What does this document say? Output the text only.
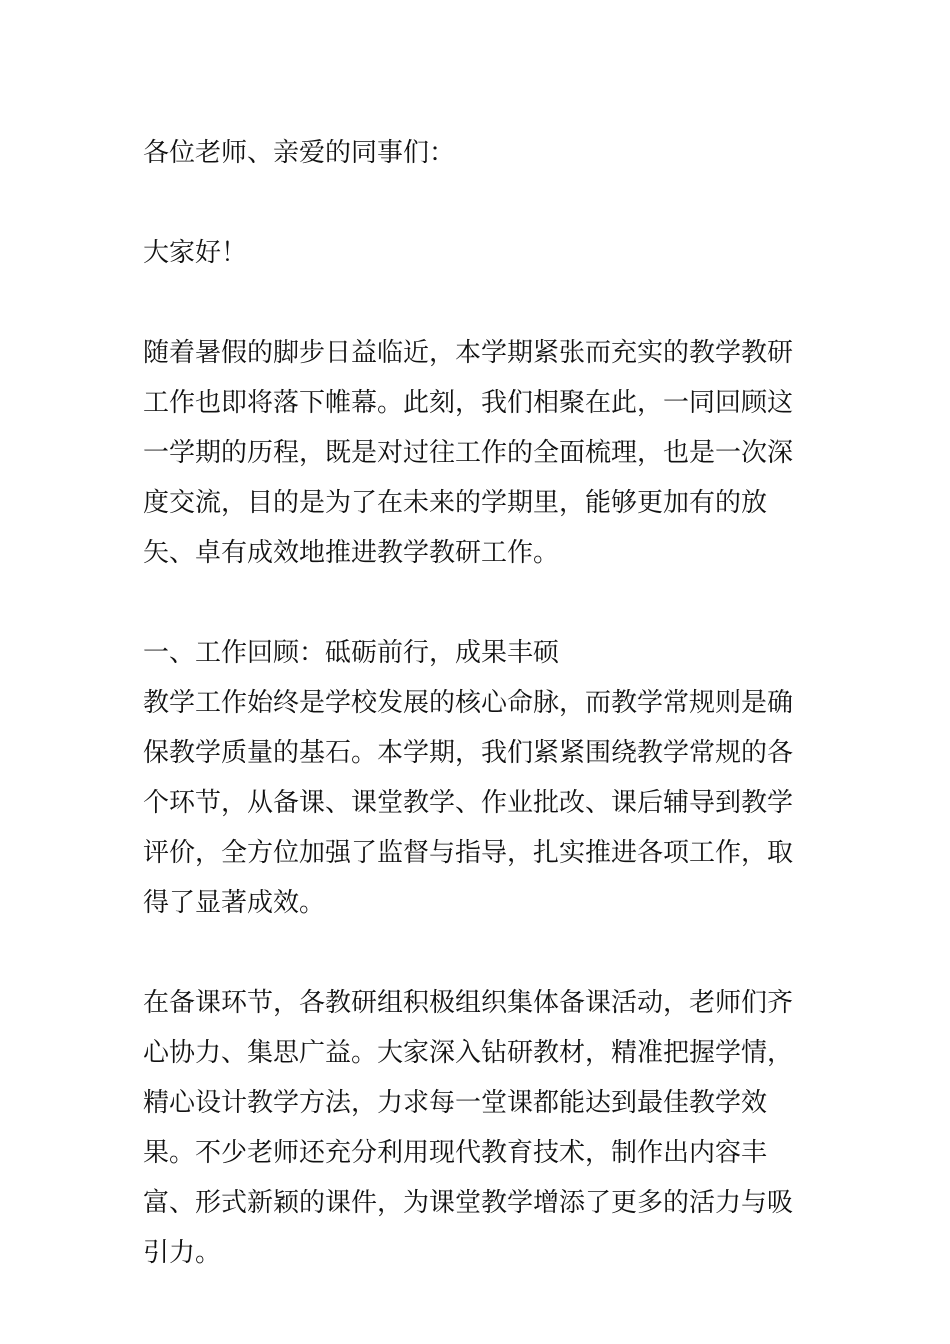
各位老师、亲爱的同事们：

大家好！

随着暑假的脚步日益临近，本学期紧张而充实的教学教研工作也即将落下帷幕。此刻，我们相聚在此，一同回顾这一学期的历程，既是对过往工作的全面梳理，也是一次深度交流，目的是为了在未来的学期里，能够更加有的放矢、卓有成效地推进教学教研工作。

一、工作回顾：砥砺前行，成果丰硕

教学工作始终是学校发展的核心命脉，而教学常规则是确保教学质量的基石。本学期，我们紧紧围绕教学常规的各个环节，从备课、课堂教学、作业批改、课后辅导到教学评价，全方位加强了监督与指导，扎实推进各项工作，取得了显著成效。

在备课环节，各教研组积极组织集体备课活动，老师们齐心协力、集思广益。大家深入钻研教材，精准把握学情，精心设计教学方法，力求每一堂课都能达到最佳教学效果。不少老师还充分利用现代教育技术，制作出内容丰富、形式新颖的课件，为课堂教学增添了更多的活力与吸引力。
